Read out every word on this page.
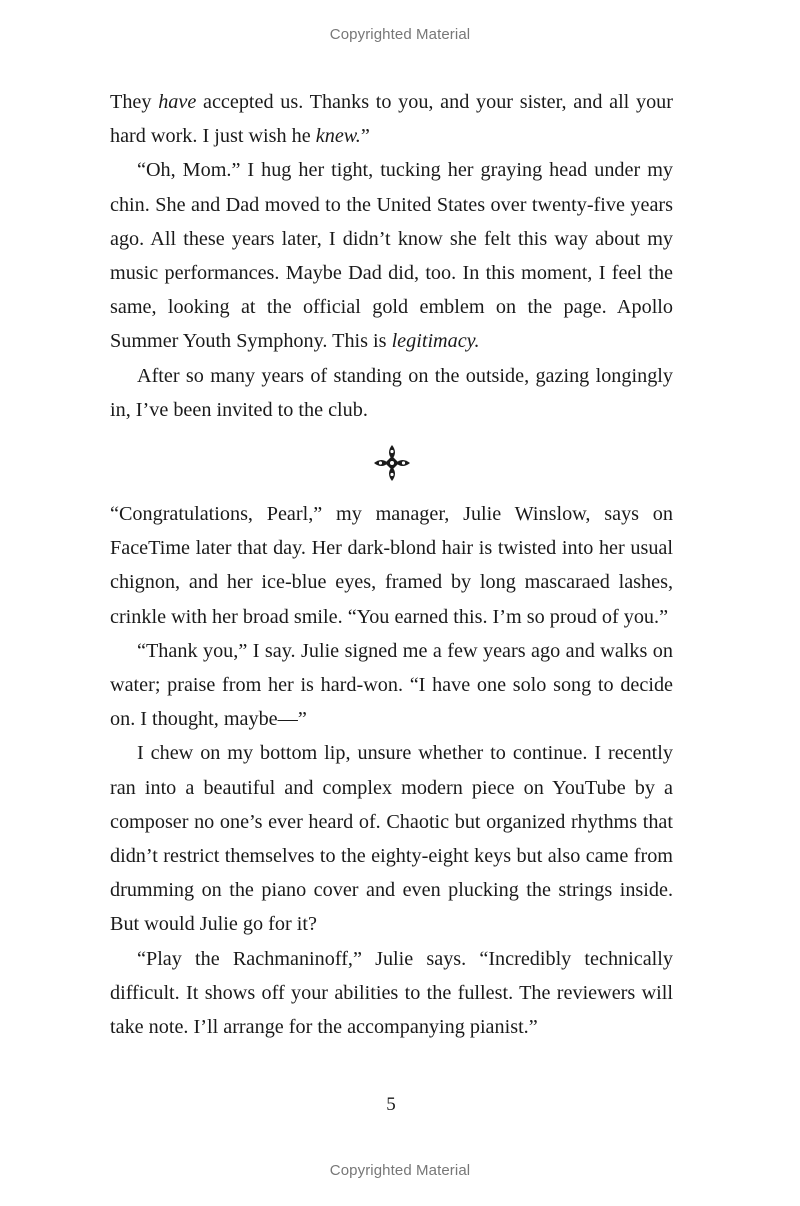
Copyrighted Material

They have accepted us. Thanks to you, and your sister, and all your hard work. I just wish he knew.”

“Oh, Mom.” I hug her tight, tucking her graying head under my chin. She and Dad moved to the United States over twenty-five years ago. All these years later, I didn’t know she felt this way about my music performances. Maybe Dad did, too. In this moment, I feel the same, looking at the official gold emblem on the page. Apollo Summer Youth Symphony. This is legitimacy.

After so many years of standing on the outside, gazing longingly in, I’ve been invited to the club.

“Congratulations, Pearl,” my manager, Julie Winslow, says on FaceTime later that day. Her dark-blond hair is twisted into her usual chignon, and her ice-blue eyes, framed by long mascaraed lashes, crinkle with her broad smile. “You earned this. I’m so proud of you.”

“Thank you,” I say. Julie signed me a few years ago and walks on water; praise from her is hard-won. “I have one solo song to decide on. I thought, maybe—”

I chew on my bottom lip, unsure whether to continue. I recently ran into a beautiful and complex modern piece on YouTube by a composer no one’s ever heard of. Chaotic but organized rhythms that didn’t restrict themselves to the eighty-eight keys but also came from drumming on the piano cover and even plucking the strings inside. But would Julie go for it?

“Play the Rachmaninoff,” Julie says. “Incredibly technically difficult. It shows off your abilities to the fullest. The reviewers will take note. I’ll arrange for the accompanying pianist.”

5
Copyrighted Material
